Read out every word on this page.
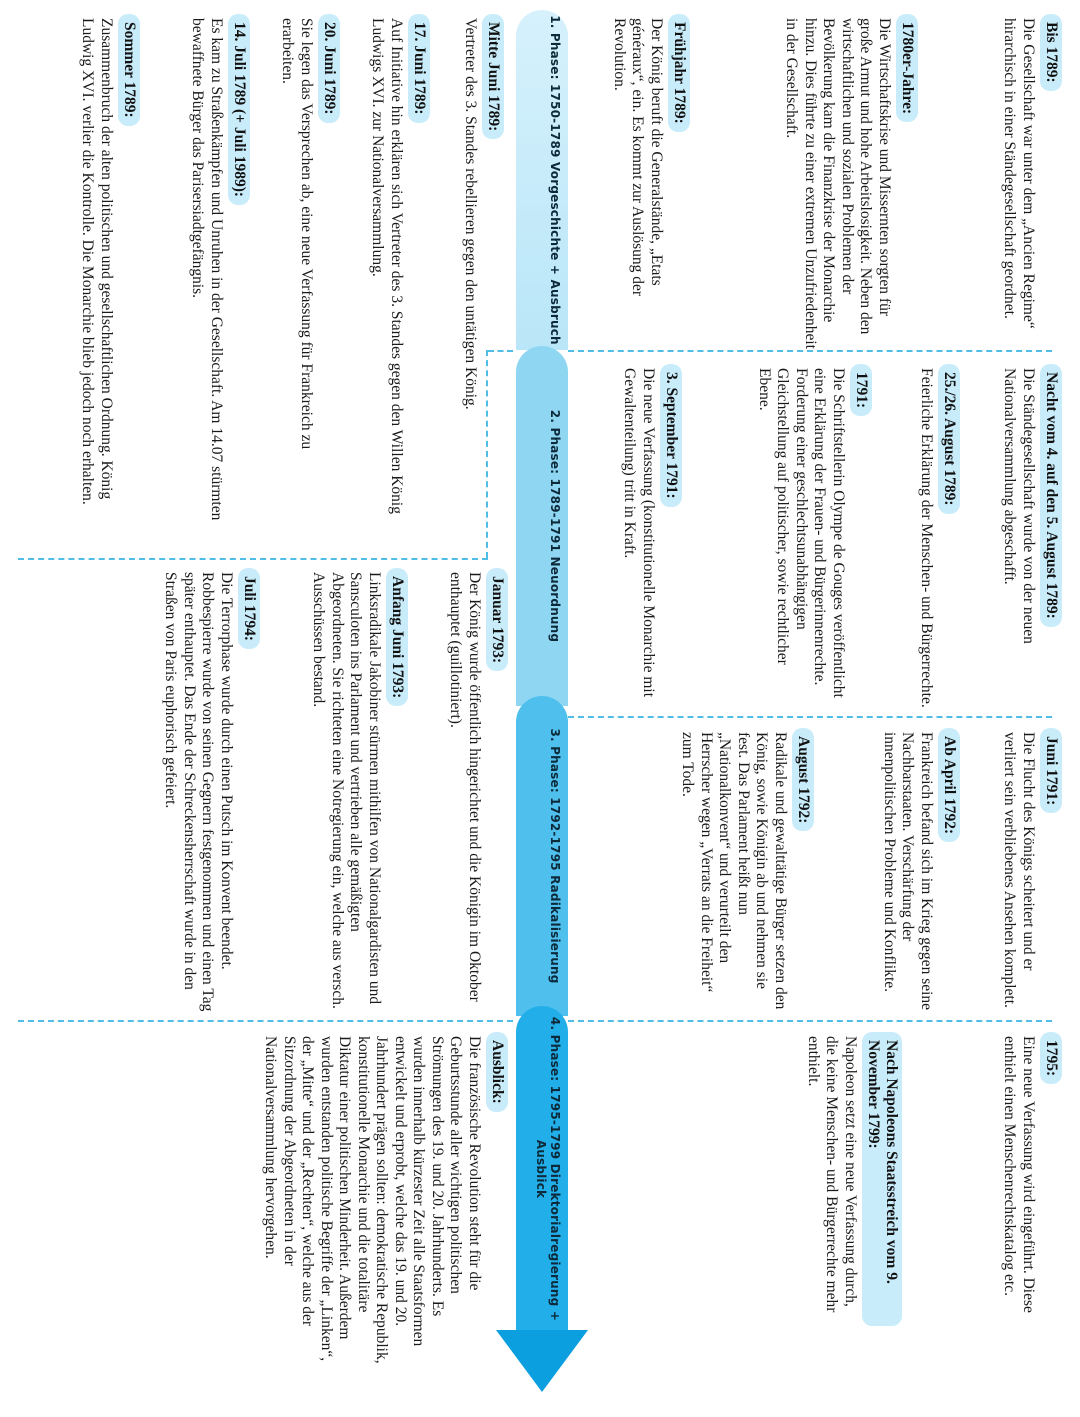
1. Phase: 1750-1789 Vorgeschichte + Ausbruch
2. Phase: 1789-1791 Neuordnung
3. Phase: 1792-1795 Radikalisierung
4. Phase: 1795-1799 Direktorialregierung + Ausblick
Bis 1789:
Die Gesellschaft war unter dem „Ancien Regime“ hirarchisch in einer Ständegesellschaft geordnet.
1780er-Jahre:
Die Wirtschaftskrise und Missernten sorgten für große Armut und hohe Arbeitslosigkeit. Neben den wirtschaftlichen und sozialen Problemen der Bevölkerung kam die Finanzkrise der Monarchie hinzu. Dies führte zu einer extremen Unzufriedenheit in der Gesellschaft.
Frühjahr 1789:
Der König beruft die Generalstände, „Etats généraux“, ein. Es kommt zur Auslösung der Revolution.
Mitte Juni 1789:
Vertreter des 3. Standes rebellieren gegen den untätigen König.
17. Juni 1789:
Auf Initiative hin erklären sich Vertreter des 3. Standes gegen den Willen König Ludwigs XVI. zur Nationalversammlung.
20. Juni 1789:
Sie legen das Versprechen ab, eine neue Verfassung für Frankreich zu erarbeiten.
14. Juli 1789 (+ Juli 1989):
Es kam zu Straßenkämpfen und Unruhen in der Gesellschaft. Am 14.07 stürmten bewaffnete Bürger das Parisersiadtgefängnis.
Sommer 1789:
Zusammenbruch der alten politischen und gesellschaftlichen Ordnung. König Ludwig XVI. verlier die Kontrolle. Die Monarchie blieb jedoch noch erhalten.	Nacht vom 4. auf den 5. August 1789:
Die Ständegesellschaft wurde von der neuen Nationalversammlung abgeschafft.
25./26. August 1789:
Feierliche Erklärung der Menschen- und Bürgerrechte.
1791:
Die Schriftstellerin Olympe de Gouges veröffentlicht eine Erklärung der Frauen- und Bürgerinnenrechte. Forderung einer geschlechtsunabhängigen Gleichstellung auf politischer, sowie rechtlicher Ebene.
3. September 1791:
Die neue Verfassung (konstitutionelle Monarchie mit Gewaltenteilung) tritt in Kraft.
Juni 1791:
Die Flucht des Königs scheitert und er verliert sein verbliebenes Ansehen komplett.
Ab April 1792:
Frankreich befand sich im Krieg gegen seine Nachbarstaaten. Verschärfung der innenpolitischen Probleme und Konflikte.
August 1792:
Radikale und gewalttätige Bürger setzen den König, sowie Königin ab und nehmen sie fest. Das Parlament heißt nun „Nationalkonvent“ und verurteilt den Herrscher wegen „Verrats an die Freiheit“ zum Tode.
Januar 1793:
Der König wurde öffentlich hingerichtet und die Königin im Oktober enthauptet (guillotiniert).
Anfang Juni 1793:
Linksradikale Jakobiner stürmen mithilfen von Nationalgardisten und Sansculoten ins Parlament und vertrieben alle gemäßigten Abgeordneten. Sie richteten eine Notregierung ein, welche aus versch. Ausschüssen bestand.
Juli 1794:
Die Terrorphase wurde durch einen Putsch im Konvent beendet. Robbespierre wurde von seinen Gegnern festgenommen und einen Tag später enthauptet. Das Ende der Schreckensherrschaft wurde in den Straßen von Paris euphorisch gefeiert.
1795:
Eine neue Verfassung wird eingeführt. Diese enthielt einen Menschenrechtskatalog etc.
Nach Napoleons Staatsstreich vom 9. November 1799:
Napoleon setzt eine neue Verfassung durch, die keine Menschen- und Bürgerrechte mehr enthielt.
Ausblick:
Die französische Revolution steht für die Geburtsstunde aller wichtigen politischen Strömungen des 19. und 20. Jahrhunderts. Es wurden innerhalb kürzester Zeit alle Staatsformen entwickelt und erprobt, welche das 19. und 20. Jahrhundert prägen sollten: demokratische Republik, konstitutionelle Monarchie und die totalitäre Diktatur einer politischen Minderheit. Außerdem wurden entstanden politische Begriffe der „Linken“, der „Mitte“ und der „Rechten“, welche aus der Sitzordnung der Abgeordneten in der Nationalversammlung hervorgehen.
